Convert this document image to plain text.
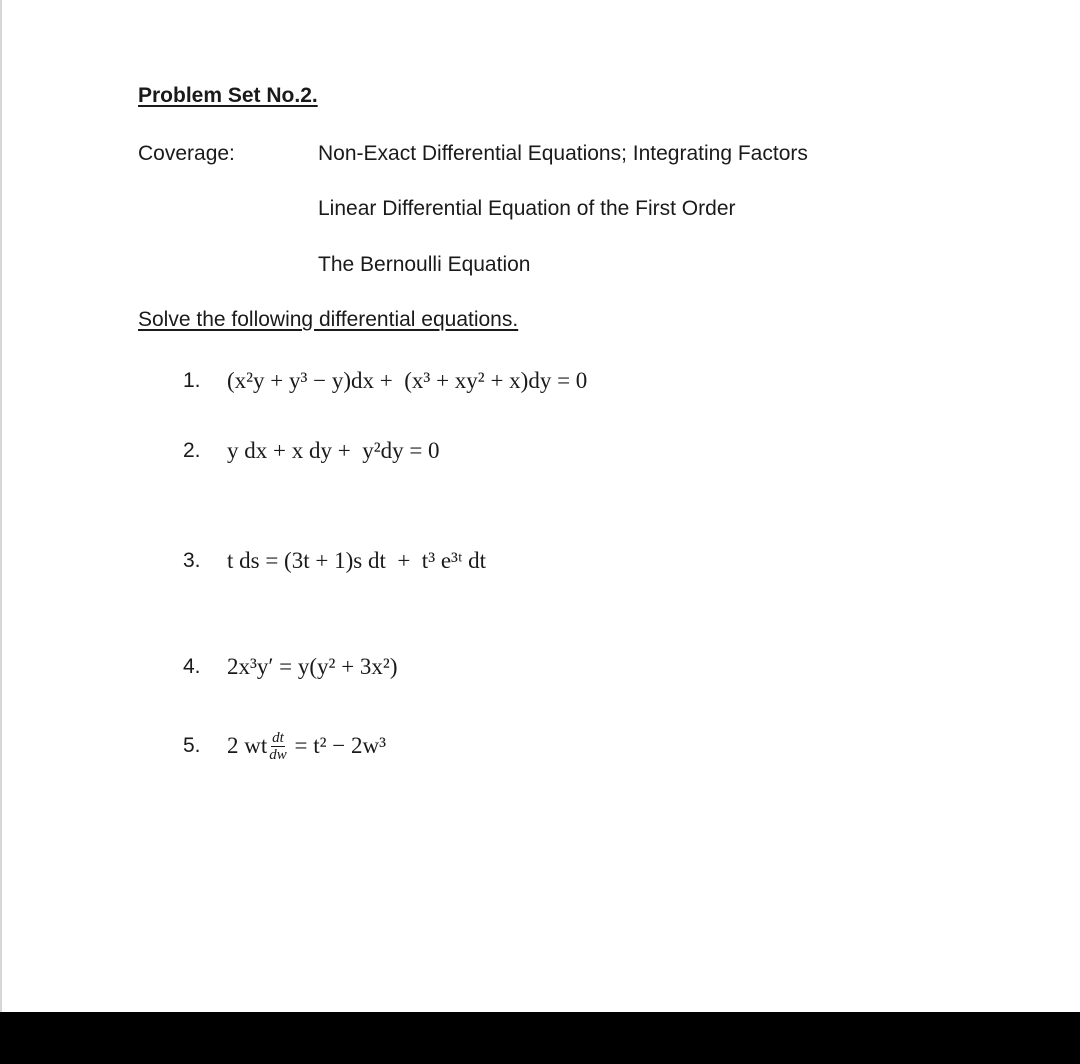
Problem Set No.2.
Coverage:	Non-Exact Differential Equations; Integrating Factors
Linear Differential Equation of the First Order
The Bernoulli Equation
Solve the following differential equations.
1.	(x²y + y³ − y)dx +  (x³ + xy² + x)dy = 0
2.	y dx + x dy +  y²dy = 0
3.	t ds = (3t + 1)s dt  +  t³ e³ᵗ dt
4.	2x³y′ = y(y² + 3x²)
5.	2 wt $\frac{dt}{dw} = t^2 - 2w^3$
